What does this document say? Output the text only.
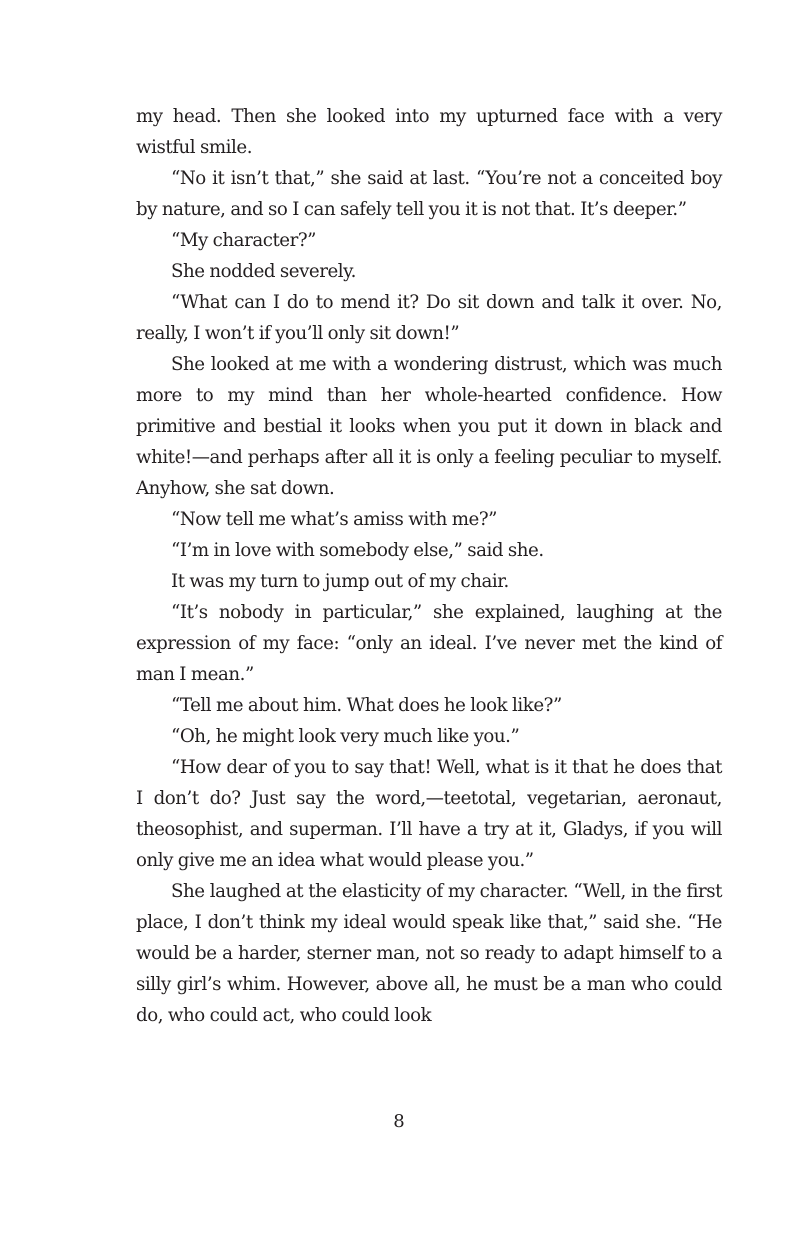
my head. Then she looked into my upturned face with a very wistful smile.

“No it isn’t that,” she said at last. “You’re not a conceited boy by nature, and so I can safely tell you it is not that. It’s deeper.”

“My character?”

She nodded severely.

“What can I do to mend it? Do sit down and talk it over. No, really, I won’t if you’ll only sit down!”

She looked at me with a wondering distrust, which was much more to my mind than her whole-hearted confidence. How primitive and bestial it looks when you put it down in black and white!—and perhaps after all it is only a feeling peculiar to myself. Anyhow, she sat down.

“Now tell me what’s amiss with me?”

“I’m in love with somebody else,” said she.

It was my turn to jump out of my chair.

“It’s nobody in particular,” she explained, laughing at the expression of my face: “only an ideal. I’ve never met the kind of man I mean.”

“Tell me about him. What does he look like?”

“Oh, he might look very much like you.”

“How dear of you to say that! Well, what is it that he does that I don’t do? Just say the word,—teetotal, vegetarian, aeronaut, theosophist, and superman. I’ll have a try at it, Gladys, if you will only give me an idea what would please you.”

She laughed at the elasticity of my character. “Well, in the first place, I don’t think my ideal would speak like that,” said she. “He would be a harder, sterner man, not so ready to adapt himself to a silly girl’s whim. However, above all, he must be a man who could do, who could act, who could look

8
